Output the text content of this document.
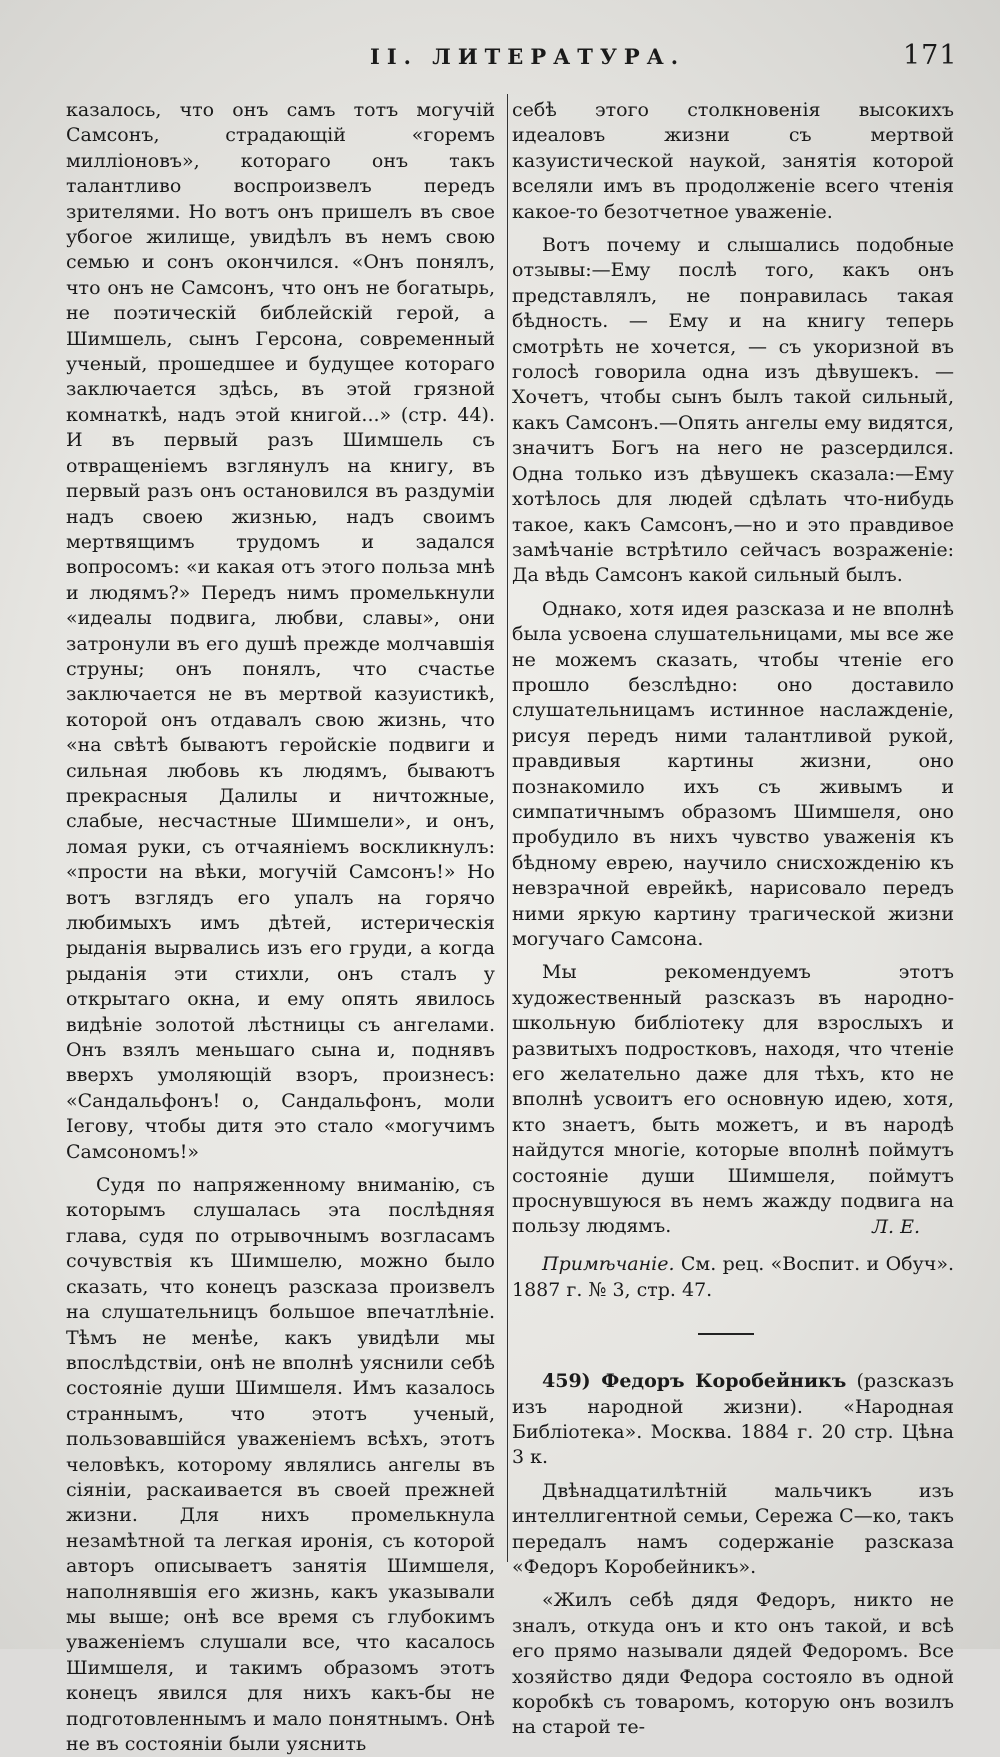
II. ЛИТЕРАТУРА.	171

казалось, что онъ самъ тотъ могучій Самсонъ, страдающій «горемъ милліоновъ», котораго онъ такъ талантливо воспроизвелъ передъ зрителями. Но вотъ онъ пришелъ въ свое убогое жилище, увидѣлъ въ немъ свою семью и сонъ окончился. «Онъ понялъ, что онъ не Самсонъ, что онъ не богатырь, не поэтическій библейскій герой, а Шимшель, сынъ Герсона, современный ученый, прошедшее и будущее котораго заключается здѣсь, въ этой грязной комнаткѣ, надъ этой книгой...» (стр. 44). И въ первый разъ Шимшель съ отвращеніемъ взглянулъ на книгу, въ первый разъ онъ остановился въ раздуміи надъ своею жизнью, надъ своимъ мертвящимъ трудомъ и задался вопросомъ: «и какая отъ этого польза мнѣ и людямъ?» Передъ нимъ промелькнули «идеалы подвига, любви, славы», они затронули въ его душѣ прежде молчавшія струны; онъ понялъ, что счастье заключается не въ мертвой казуистикѣ, которой онъ отдавалъ свою жизнь, что «на свѣтѣ бываютъ геройскіе подвиги и сильная любовь къ людямъ, бываютъ прекрасныя Далилы и ничтожные, слабые, несчастные Шимшели», и онъ, ломая руки, съ отчаяніемъ воскликнулъ: «прости на вѣки, могучій Самсонъ!» Но вотъ взглядъ его упалъ на горячо любимыхъ имъ дѣтей, истерическія рыданія вырвались изъ его груди, а когда рыданія эти стихли, онъ сталъ у открытаго окна, и ему опять явилось видѣніе золотой лѣстницы съ ангелами. Онъ взялъ меньшаго сына и, поднявъ вверхъ умоляющій взоръ, произнесъ: «Сандальфонъ! о, Сандальфонъ, моли Іегову, чтобы дитя это стало «могучимъ Самсономъ!»

Судя по напряженному вниманію, съ которымъ слушалась эта послѣдняя глава, судя по отрывочнымъ возгласамъ сочувствія къ Шимшелю, можно было сказать, что конецъ разсказа произвелъ на слушательницъ большое впечатлѣніе. Тѣмъ не менѣе, какъ увидѣли мы впослѣдствіи, онѣ не вполнѣ уяснили себѣ состояніе души Шимшеля. Имъ казалось страннымъ, что этотъ ученый, пользовавшійся уваженіемъ всѣхъ, этотъ человѣкъ, которому являлись ангелы въ сіяніи, раскаивается въ своей прежней жизни. Для нихъ промелькнула незамѣтной та легкая иронія, съ которой авторъ описываетъ занятія Шимшеля, наполнявшія его жизнь, какъ указывали мы выше; онѣ все время съ глубокимъ уваженіемъ слушали все, что касалось Шимшеля, и такимъ образомъ этотъ конецъ явился для нихъ какъ-бы не подготовленнымъ и мало понятнымъ. Онѣ не въ состояніи были уяснить

себѣ этого столкновенія высокихъ идеаловъ жизни съ мертвой казуистической наукой, занятія которой вселяли имъ въ продолженіе всего чтенія какое-то безотчетное уваженіе.

Вотъ почему и слышались подобные отзывы:—Ему послѣ того, какъ онъ представлялъ, не понравилась такая бѣдность. — Ему и на книгу теперь смотрѣть не хочется, — съ укоризной въ голосѣ говорила одна изъ дѣвушекъ. — Хочетъ, чтобы сынъ былъ такой сильный, какъ Самсонъ.—Опять ангелы ему видятся, значитъ Богъ на него не разсердился. Одна только изъ дѣвушекъ сказала:—Ему хотѣлось для людей сдѣлать что-нибудь такое, какъ Самсонъ,—но и это правдивое замѣчаніе встрѣтило сейчасъ возраженіе: Да вѣдь Самсонъ какой сильный былъ.

Однако, хотя идея разсказа и не вполнѣ была усвоена слушательницами, мы все же не можемъ сказать, чтобы чтеніе его прошло безслѣдно: оно доставило слушательницамъ истинное наслажденіе, рисуя передъ ними талантливой рукой, правдивыя картины жизни, оно познакомило ихъ съ живымъ и симпатичнымъ образомъ Шимшеля, оно пробудило въ нихъ чувство уваженія къ бѣдному еврею, научило снисхожденію къ невзрачной еврейкѣ, нарисовало передъ ними яркую картину трагической жизни могучаго Самсона.

Мы рекомендуемъ этотъ художественный разсказъ въ народно-школьную библіотеку для взрослыхъ и развитыхъ подростковъ, находя, что чтеніе его желательно даже для тѣхъ, кто не вполнѣ усвоитъ его основную идею, хотя, кто знаетъ, быть можетъ, и въ народѣ найдутся многіе, которые вполнѣ поймутъ состояніе души Шимшеля, поймутъ проснувшуюся въ немъ жажду подвига на пользу людямъ.	Л. Е.

Примѣчаніе. См. рец. «Воспит. и Обуч». 1887 г. № 3, стр. 47.

459) Федоръ Коробейникъ (разсказъ изъ народной жизни). «Народная Библіотека». Москва. 1884 г. 20 стр. Цѣна 3 к.

Двѣнадцатилѣтній мальчикъ изъ интеллигентной семьи, Сережа С—ко, такъ передалъ намъ содержаніе разсказа «Федоръ Коробейникъ».

«Жилъ себѣ дядя Федоръ, никто не зналъ, откуда онъ и кто онъ такой, и всѣ его прямо называли дядей Федоромъ. Все хозяйство дяди Федора состояло въ одной коробкѣ съ товаромъ, которую онъ возилъ на старой те-
